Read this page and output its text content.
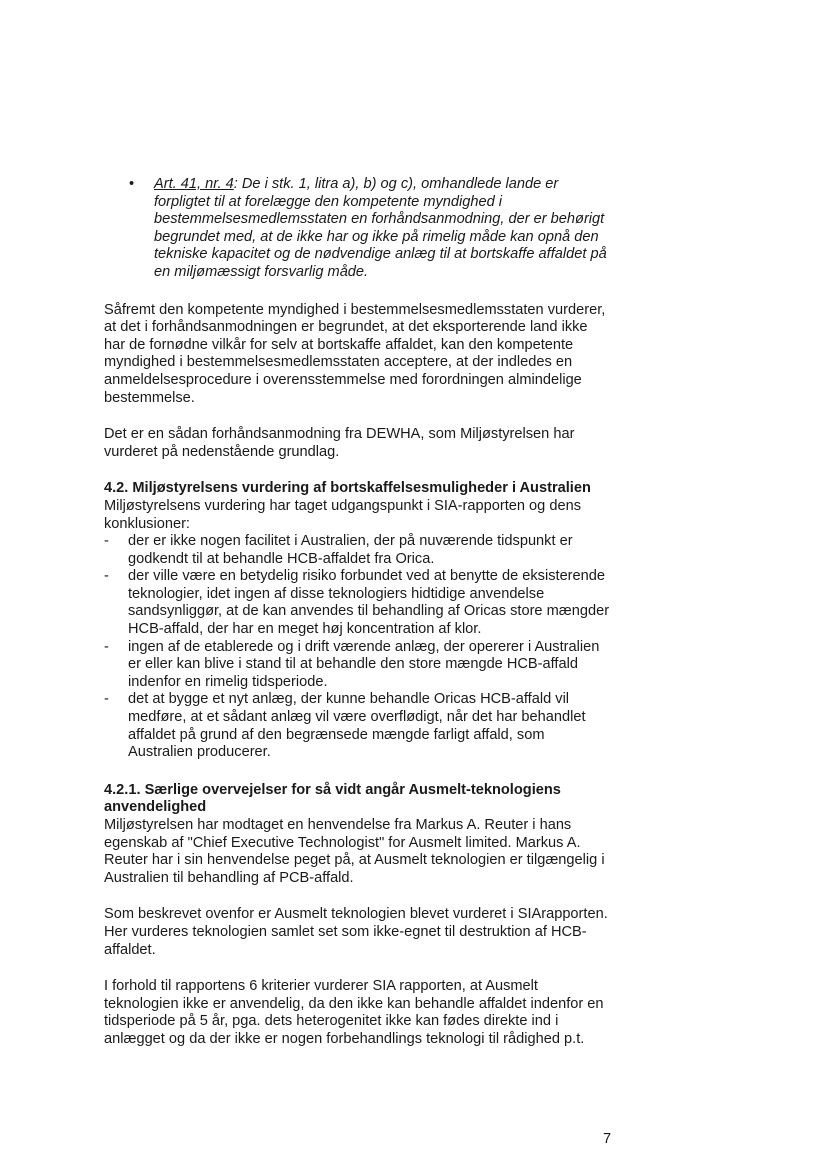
• Art. 41, nr. 4: De i stk. 1, litra a), b) og c), omhandlede lande er forpligtet til at forelægge den kompetente myndighed i bestemmelsesmedlemsstaten en forhåndsanmodning, der er behørigt begrundet med, at de ikke har og ikke på rimelig måde kan opnå den tekniske kapacitet og de nødvendige anlæg til at bortskaffe affaldet på en miljømæssigt forsvarlig måde.

Såfremt den kompetente myndighed i bestemmelsesmedlemsstaten vurderer, at det i forhåndsanmodningen er begrundet, at det eksporterende land ikke har de fornødne vilkår for selv at bortskaffe affaldet, kan den kompetente myndighed i bestemmelsesmedlemsstaten acceptere, at der indledes en anmeldelsesprocedure i overensstemmelse med forordningen almindelige bestemmelse.

Det er en sådan forhåndsanmodning fra DEWHA, som Miljøstyrelsen har vurderet på nedenstående grundlag.

4.2. Miljøstyrelsens vurdering af bortskaffelsesmuligheder i Australien

Miljøstyrelsens vurdering har taget udgangspunkt i SIA-rapporten og dens konklusioner:

- der er ikke nogen facilitet i Australien, der på nuværende tidspunkt er godkendt til at behandle HCB-affaldet fra Orica.
- der ville være en betydelig risiko forbundet ved at benytte de eksisterende teknologier, idet ingen af disse teknologiers hidtidige anvendelse sandsynliggør, at de kan anvendes til behandling af Oricas store mængder HCB-affald, der har en meget høj koncentration af klor.
- ingen af de etablerede og i drift værende anlæg, der opererer i Australien er eller kan blive i stand til at behandle den store mængde HCB-affald indenfor en rimelig tidsperiode.
- det at bygge et nyt anlæg, der kunne behandle Oricas HCB-affald vil medføre, at et sådant anlæg vil være overflødigt, når det har behandlet affaldet på grund af den begrænsede mængde farligt affald, som Australien producerer.

4.2.1. Særlige overvejelser for så vidt angår Ausmelt-teknologiens anvendelighed

Miljøstyrelsen har modtaget en henvendelse fra Markus A. Reuter i hans egenskab af "Chief Executive Technologist" for Ausmelt limited. Markus A. Reuter har i sin henvendelse peget på, at Ausmelt teknologien er tilgængelig i Australien til behandling af PCB-affald.

Som beskrevet ovenfor er Ausmelt teknologien blevet vurderet i SIArapporten. Her vurderes teknologien samlet set som ikke-egnet til destruktion af HCB-affaldet.

I forhold til rapportens 6 kriterier vurderer SIA rapporten, at Ausmelt teknologien ikke er anvendelig, da den ikke kan behandle affaldet indenfor en tidsperiode på 5 år, pga. dets heterogenitet ikke kan fødes direkte ind i anlægget og da der ikke er nogen forbehandlings teknologi til rådighed p.t.

7
